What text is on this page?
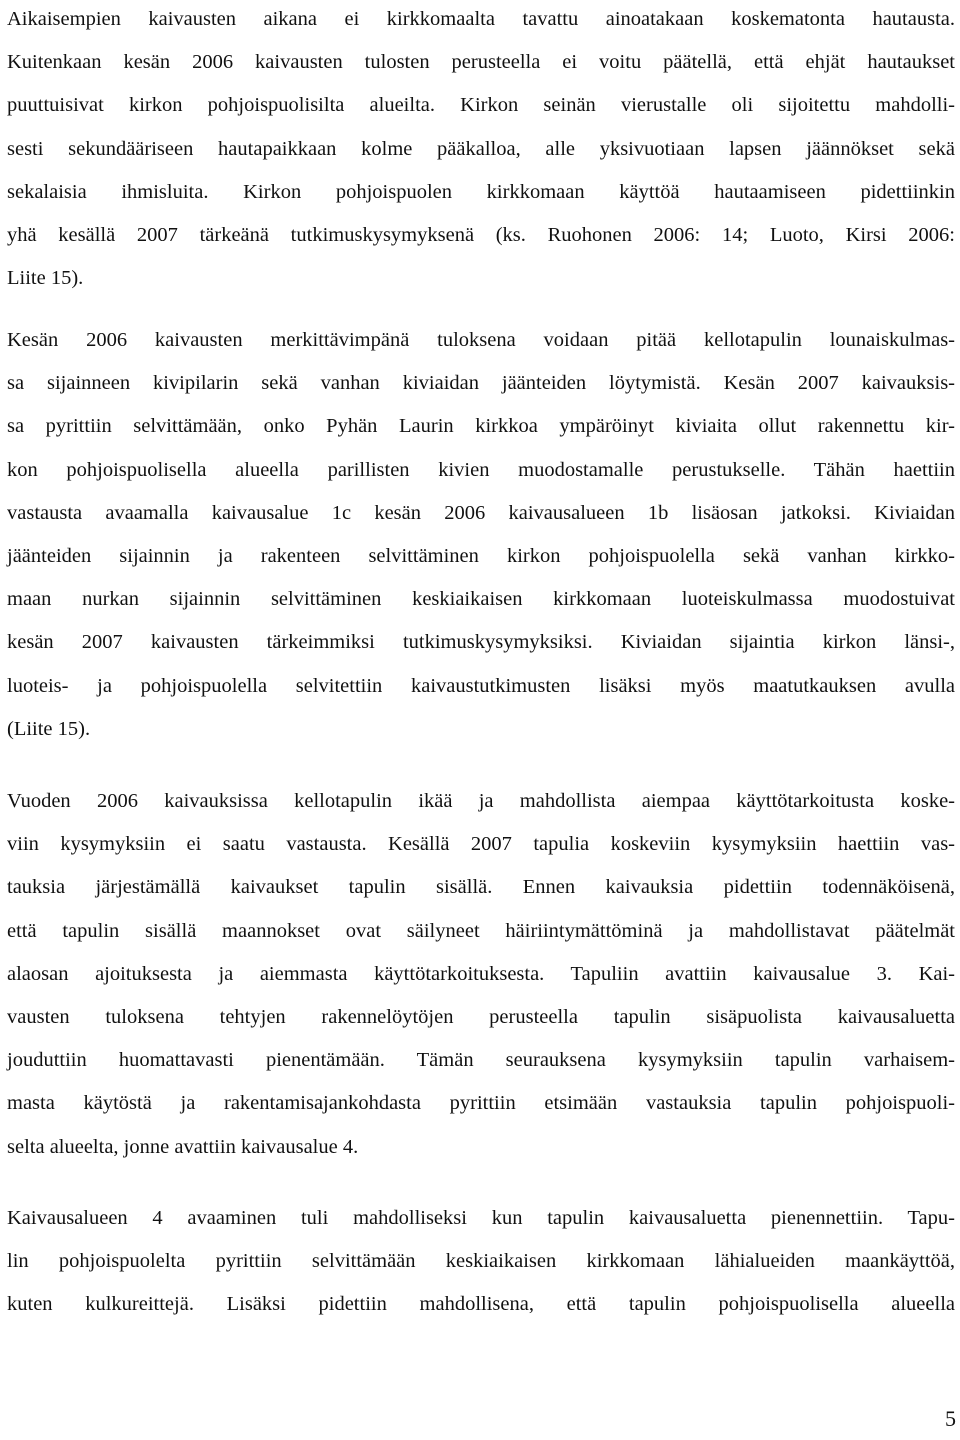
Aikaisempien kaivausten aikana ei kirkkomaalta tavattu ainoatakaan koskematonta hautausta.
Kuitenkaan kesän 2006 kaivausten tulosten perusteella ei voitu päätellä, että ehjät hautaukset
puuttuisivat kirkon pohjoispuolisilta alueilta. Kirkon seinän vierustalle oli sijoitettu mahdolli-
sesti sekundääriseen hautapaikkaan kolme pääkalloa, alle yksivuotiaan lapsen jäännökset sekä
sekalaisia ihmisluita. Kirkon pohjoispuolen kirkkomaan käyttöä hautaamiseen pidettiinkin
yhä kesällä 2007 tärkeänä tutkimuskysymyksenä (ks. Ruohonen 2006: 14; Luoto, Kirsi 2006:
Liite 15).
Kesän 2006 kaivausten merkittävimpänä tuloksena voidaan pitää kellotapulin lounaiskulmas-
sa sijainneen kivipilarin sekä vanhan kiviaidan jäänteiden löytymistä. Kesän 2007 kaivauksis-
sa pyrittiin selvittämään, onko Pyhän Laurin kirkkoa ympäröinyt kiviaita ollut rakennettu kir-
kon pohjoispuolisella alueella parillisten kivien muodostamalle perustukselle. Tähän haettiin
vastausta avaamalla kaivausalue 1c kesän 2006 kaivausalueen 1b lisäosan jatkoksi. Kiviaidan
jäänteiden sijainnin ja rakenteen selvittäminen kirkon pohjoispuolella sekä vanhan kirkko-
maan nurkan sijainnin selvittäminen keskiaikaisen kirkkomaan luoteiskulmassa muodostuivat
kesän 2007 kaivausten tärkeimmiksi tutkimuskysymyksiksi. Kiviaidan sijaintia kirkon länsi-,
luoteis- ja pohjoispuolella selvitettiin kaivaustutkimusten lisäksi myös maatutkauksen avulla
(Liite 15).
Vuoden 2006 kaivauksissa kellotapulin ikää ja mahdollista aiempaa käyttötarkoitusta koske-
viin kysymyksiin ei saatu vastausta. Kesällä 2007 tapulia koskeviin kysymyksiin haettiin vas-
tauksia järjestämällä kaivaukset tapulin sisällä. Ennen kaivauksia pidettiin todennäköisenä,
että tapulin sisällä maannokset ovat säilyneet häiriintymättöminä ja mahdollistavat päätelmät
alaosan ajoituksesta ja aiemmasta käyttötarkoituksesta. Tapuliin avattiin kaivausalue 3. Kai-
vausten tuloksena tehtyjen rakennelöytöjen perusteella tapulin sisäpuolista kaivausaluetta
jouduttiin huomattavasti pienentämään. Tämän seurauksena kysymyksiin tapulin varhaisem-
masta käytöstä ja rakentamisajankohdasta pyrittiin etsimään vastauksia tapulin pohjoispuoli-
selta alueelta, jonne avattiin kaivausalue 4.
Kaivausalueen 4 avaaminen tuli mahdolliseksi kun tapulin kaivausaluetta pienennettiin. Tapu-
lin pohjoispuolelta pyrittiin selvittämään keskiaikaisen kirkkomaan lähialueiden maankäyttöä,
kuten kulkureittejä. Lisäksi pidettiin mahdollisena, että tapulin pohjoispuolisella alueella
5
